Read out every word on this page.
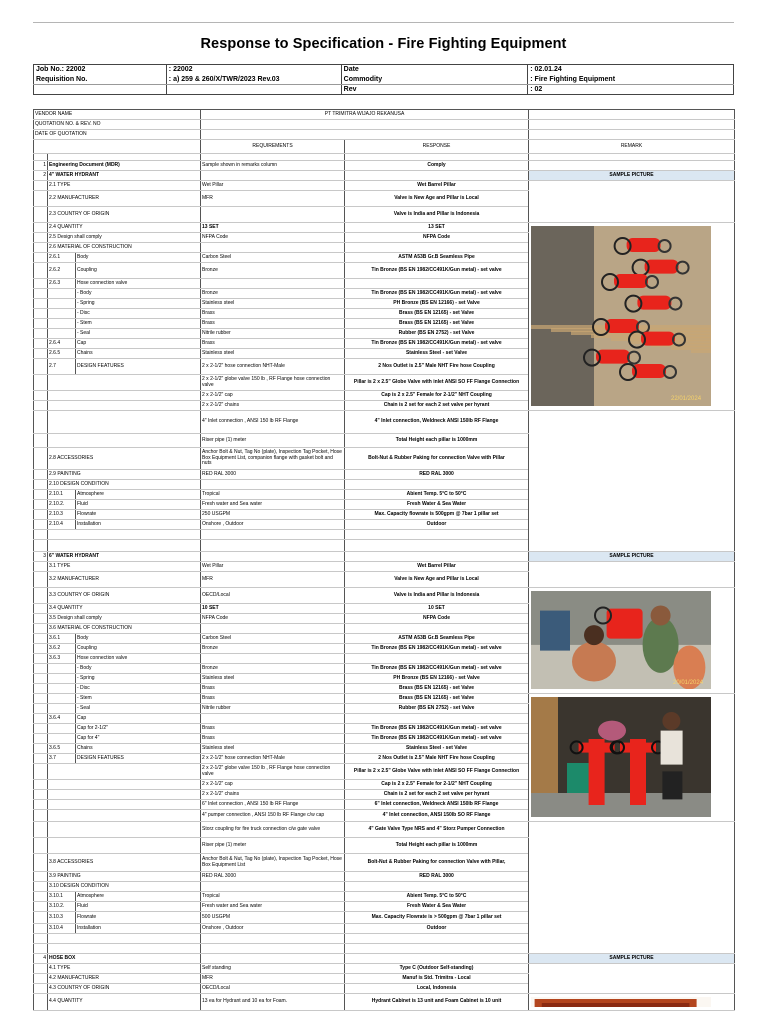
Response to Specification - Fire Fighting Equipment
Job No.: 22002	: 22002	Date	: 02.01.24
Requisition No.	: a) 259 & 260/X/TWR/2023 Rev.03	Commodity	: Fire Fighting Equipment
		Rev	: 02
VENDOR NAME			PT TRIMITRA WIJAJO REKANUSA		
QUOTATION NO. & REV. NO					
DATE OF QUOTATION					
			REQUIREMENTS	RESPONSE	REMARK

1	Engineering Document (MDR)		Sample shown in remarks column	Comply	
2	4" WATER HYDRANT				SAMPLE PICTURE
	2.1 TYPE		Wet Pillar	Wet Barrel Pillar	
	2.2 MANUFACTURER		MFR	Valve is New Age and Pillar is Local	
	2.3 COUNTRY OF ORIGIN			Valve is India and Pillar is Indonesia	
	2.4 QUANTITY		13 SET	13 SET	22/01/2024

	2.5 Design shall comply		NFPA Code	NFPA Code	
	2.6 MATERIAL OF CONSTRUCTION				
	2.6.1	Body	Carbon Steel	ASTM A53B Gr.B Seamless Pipe	
	2.6.2	Coupling	Bronze	Tin Bronze (BS EN 1982/CC491K/Gun metal) - set valve	
	2.6.3	Hose connection valve			
		- Body	Bronze	Tin Bronze (BS EN 1982/CC491K/Gun metal) - set valve	
		- Spring	Stainless steel	PH Bronze (BS EN 12166) - set Valve	
		- Disc	Brass	Brass (BS EN 12165) - set Valve	
		- Stem	Brass	Brass (BS EN 12165) - set Valve	
		- Seal	Nitrile rubber	Rubber (BS EN 2752) - set Valve	
	2.6.4	Cap	Brass	Tin Bronze (BS EN 1982/CC491K/Gun metal) - set valve	
	2.6.5	Chains	Stainless steel	Stainless Steel - set Valve	
	2.7	DESIGN FEATURES	2 x 2-1/2" hose connection NHT-Male	2 Nos Outlet is 2.5" Male NHT Fire hose Coupling	
			2 x 2-1/2" globe valve 150 lb , RF Flange hose connection valve	Pillar is 2 x 2.5" Globe Valve with inlet ANSI SO FF Flange Connection	
			2 x 2-1/2" cap	Cap is 2 x 2.5" Female for 2-1/2" NHT Coupling	
			2 x 2-1/2" chains	Chain is 2 set for each 2 set valve per hyrant	
			4" Inlet connection , ANSI 150 lb RF Flange	4" Inlet connection, Weldneck ANSI 150lb RF Flange	
			Riser pipe (1) meter	Total Height each pillar is 1000mm	
	2.8 ACCESSORIES		Anchor Bolt & Nut, Tag No (plate), Inspection Tag Pocket, Hose Box Equipment List, companion flange with gasket bolt and nuts	Bolt-Nut & Rubber Paking for connection Valve with Pillar	
	2.9 PAINTING		RED RAL 3000	RED RAL 3000	
	2.10 DESIGN CONDITION				
	2.10.1	Atmosphere	Tropical	Abient Temp. 5°C to 50°C	
	2.10.2.	Fluid	Fresh water and Sea water	Fresh Water & Sea Water	
	2.10.3	Flowrate	250 USGPM	Max. Capacity flowrate is 500gpm @ 7bar 1 pillar set	
	2.10.4	Installation	Onshore , Outdoor	Outdoor	

3	6" WATER HYDRANT				SAMPLE PICTURE
	3.1 TYPE		Wet Pillar	Wet Barrel Pillar	
	3.2 MANUFACTURER		MFR	Valve is New Age and Pillar is Local	
	3.3 COUNTRY OF ORIGIN		OECD/Local	Valve is India and Pillar is Indonesia	20/01/2024

	3.4 QUANTITY		10 SET	10 SET	
	3.5 Design shall comply		NFPA Code	NFPA Code	
	3.6 MATERIAL OF CONSTRUCTION				
	3.6.1	Body	Carbon Steel	ASTM A53B Gr.B Seamless Pipe	
	3.6.2	Coupling	Bronze	Tin Bronze (BS EN 1982/CC491K/Gun metal) - set valve	
	3.6.3	Hose connection valve			
		- Body	Bronze	Tin Bronze (BS EN 1982/CC491K/Gun metal) - set valve	
		- Spring	Stainless steel	PH Bronze (BS EN 12166) - set Valve	
		- Disc	Brass	Brass (BS EN 12165) - set Valve	
		- Stem	Brass	Brass (BS EN 12165) - set Valve	

		- Seal	Nitrile rubber	Rubber (BS EN 2752) - set Valve	
	3.6.4	Cap			
		Cap for 2-1/2"	Brass	Tin Bronze (BS EN 1982/CC491K/Gun metal) - set valve	
		Cap for 4"	Brass	Tin Bronze (BS EN 1982/CC491K/Gun metal) - set valve	
	3.6.5	Chains	Stainless steel	Stainless Steel - set Valve	
	3.7	DESIGN FEATURES	2 x 2-1/2" hose connection NHT-Male	2 Nos Outlet is 2.5" Male NHT Fire hose Coupling	
			2 x 2-1/2" globe valve 150 lb , RF Flange hose connection valve	Pillar is 2 x 2.5" Globe Valve with inlet ANSI SO FF Flange Connection	
			2 x 2-1/2" cap	Cap is 2 x 2.5" Female for 2-1/2" NHT Coupling	
			2 x 2-1/2" chains	Chain is 2 set for each 2 set valve per hyrant	
			6" Inlet connection , ANSI 150 lb RF Flange	6" Inlet connection, Weldneck ANSI 150lb RF Flange	
			4" pumper connection , ANSI 150 lb RF Flange c/w cap	4" Inlet connection, ANSI 150lb SO RF Flange	
			Storz coupling for fire truck connection c/w gate valve	4" Gate Valve Type NRS and 4" Storz Pumper Connection	
			Riser pipe (1) meter	Total Height each pillar is 1000mm	
	3.8 ACCESSORIES		Anchor Bolt & Nut, Tag No (plate), Inspection Tag Pocket, Hose Box Equipment List	Bolt-Nut & Rubber Paking for connection Valve with Pillar,	
	3.9 PAINTING		RED RAL 3000	RED RAL 3000	
	3.10 DESIGN CONDITION				
	3.10.1	Atmosphere	Tropical	Abient Temp. 5°C to 50°C	
	3.10.2.	Fluid	Fresh water and Sea water	Fresh Water & Sea Water	
	3.10.3	Flowrate	500 USGPM	Max. Capacity Flowrate is > 500gpm @ 7bar 1 pillar set	
	3.10.4	Installation	Onshore , Outdoor	Outdoor	

4	HOSE BOX				SAMPLE PICTURE
	4.1 TYPE		Self standing	Type C (Outdoor Self-standing)	
	4.2 MANUFACTURER		MFR	Manuf is Std. Trimitra - Local	
	4.3 COUNTRY OF ORIGIN		OECD/Local	Local, Indonesia	
	4.4 QUANTITY		13 ea for Hydrant and 10 ea for Foam.	Hydrant Cabinet is 13 unit and Foam Cabinet is 10 unit	
